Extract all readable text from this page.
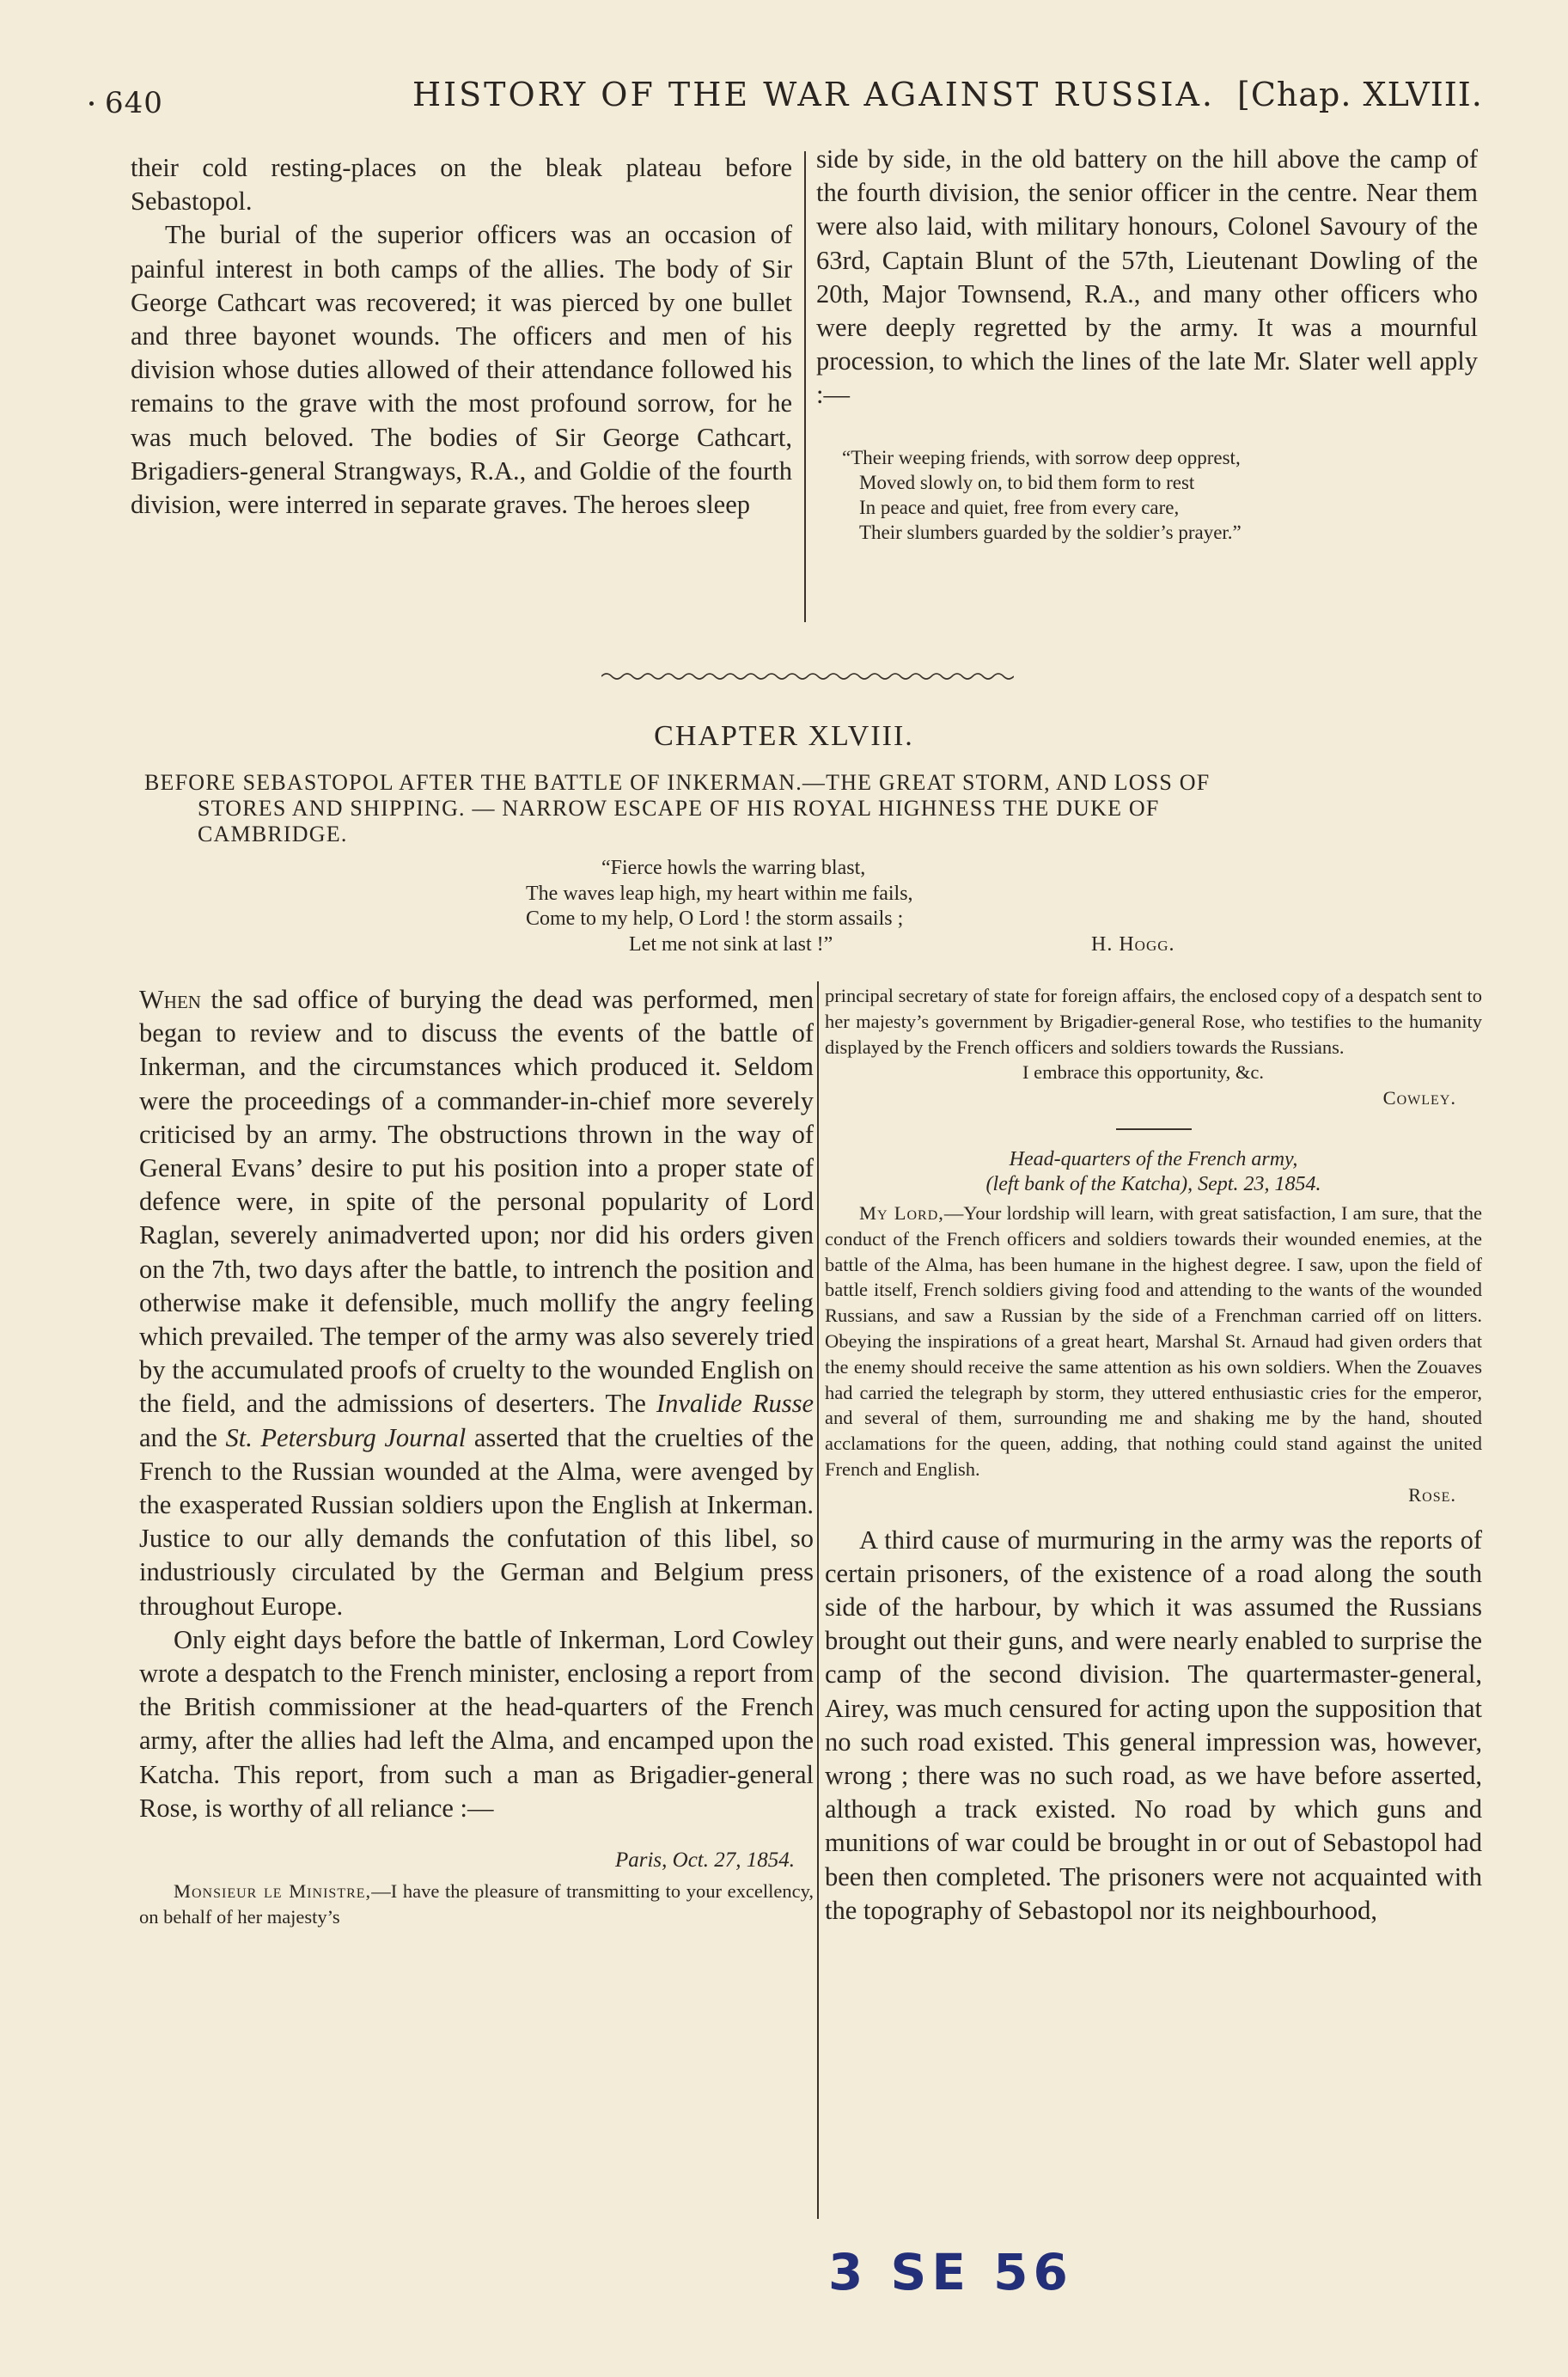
640	HISTORY OF THE WAR AGAINST RUSSIA. [Chap. XLVIII.

their cold resting-places on the bleak plateau before Sebastopol.

The burial of the superior officers was an occasion of painful interest in both camps of the allies. The body of Sir George Cathcart was recovered; it was pierced by one bullet and three bayonet wounds. The officers and men of his division whose duties allowed of their attendance followed his remains to the grave with the most profound sorrow, for he was much beloved. The bodies of Sir George Cathcart, Brigadiers-general Strangways, R.A., and Goldie of the fourth division, were interred in separate graves. The heroes sleep

side by side, in the old battery on the hill above the camp of the fourth division, the senior officer in the centre. Near them were also laid, with military honours, Colonel Savoury of the 63rd, Captain Blunt of the 57th, Lieutenant Dowling of the 20th, Major Townsend, R.A., and many other officers who were deeply regretted by the army. It was a mournful procession, to which the lines of the late Mr. Slater well apply :—

“Their weeping friends, with sorrow deep opprest,
Moved slowly on, to bid them form to rest
In peace and quiet, free from every care,
Their slumbers guarded by the soldier’s prayer.”
CHAPTER XLVIII.
BEFORE SEBASTOPOL AFTER THE BATTLE OF INKERMAN.—THE GREAT STORM, AND LOSS OF
STORES AND SHIPPING. — NARROW ESCAPE OF HIS ROYAL HIGHNESS THE DUKE OF
CAMBRIDGE.
“Fierce howls the warring blast,
The waves leap high, my heart within me fails,
Come to my help, O Lord ! the storm assails ;
Let me not sink at last !”	H. Hogg.

When the sad office of burying the dead was performed, men began to review and to discuss the events of the battle of Inkerman, and the circumstances which produced it. Seldom were the proceedings of a commander-in-chief more severely criticised by an army. The obstructions thrown in the way of General Evans’ desire to put his position into a proper state of defence were, in spite of the personal popularity of Lord Raglan, severely animadverted upon; nor did his orders given on the 7th, two days after the battle, to intrench the position and otherwise make it defensible, much mollify the angry feeling which prevailed. The temper of the army was also severely tried by the accumulated proofs of cruelty to the wounded English on the field, and the admissions of deserters. The Invalide Russe and the St. Petersburg Journal asserted that the cruelties of the French to the Russian wounded at the Alma, were avenged by the exasperated Russian soldiers upon the English at Inkerman. Justice to our ally demands the confutation of this libel, so industriously circulated by the German and Belgium press throughout Europe.

Only eight days before the battle of Inkerman, Lord Cowley wrote a despatch to the French minister, enclosing a report from the British commissioner at the head-quarters of the French army, after the allies had left the Alma, and encamped upon the Katcha. This report, from such a man as Brigadier-general Rose, is worthy of all reliance :—

Paris, Oct. 27, 1854.

Monsieur le Ministre,—I have the pleasure of transmitting to your excellency, on behalf of her majesty’s

principal secretary of state for foreign affairs, the enclosed copy of a despatch sent to her majesty’s government by Brigadier-general Rose, who testifies to the humanity displayed by the French officers and soldiers towards the Russians.

I embrace this opportunity, &c.

Cowley.

Head-quarters of the French army,
(left bank of the Katcha), Sept. 23, 1854.

My Lord,—Your lordship will learn, with great satisfaction, I am sure, that the conduct of the French officers and soldiers towards their wounded enemies, at the battle of the Alma, has been humane in the highest degree. I saw, upon the field of battle itself, French soldiers giving food and attending to the wants of the wounded Russians, and saw a Russian by the side of a Frenchman carried off on litters. Obeying the inspirations of a great heart, Marshal St. Arnaud had given orders that the enemy should receive the same attention as his own soldiers. When the Zouaves had carried the telegraph by storm, they uttered enthusiastic cries for the emperor, and several of them, surrounding me and shaking me by the hand, shouted acclamations for the queen, adding, that nothing could stand against the united French and English.

Rose.

A third cause of murmuring in the army was the reports of certain prisoners, of the existence of a road along the south side of the harbour, by which it was assumed the Russians brought out their guns, and were nearly enabled to surprise the camp of the second division. The quartermaster-general, Airey, was much censured for acting upon the supposition that no such road existed. This general impression was, however, wrong ; there was no such road, as we have before asserted, although a track existed. No road by which guns and munitions of war could be brought in or out of Sebastopol had been then completed. The prisoners were not acquainted with the topography of Sebastopol nor its neighbourhood,

3 SE 56
